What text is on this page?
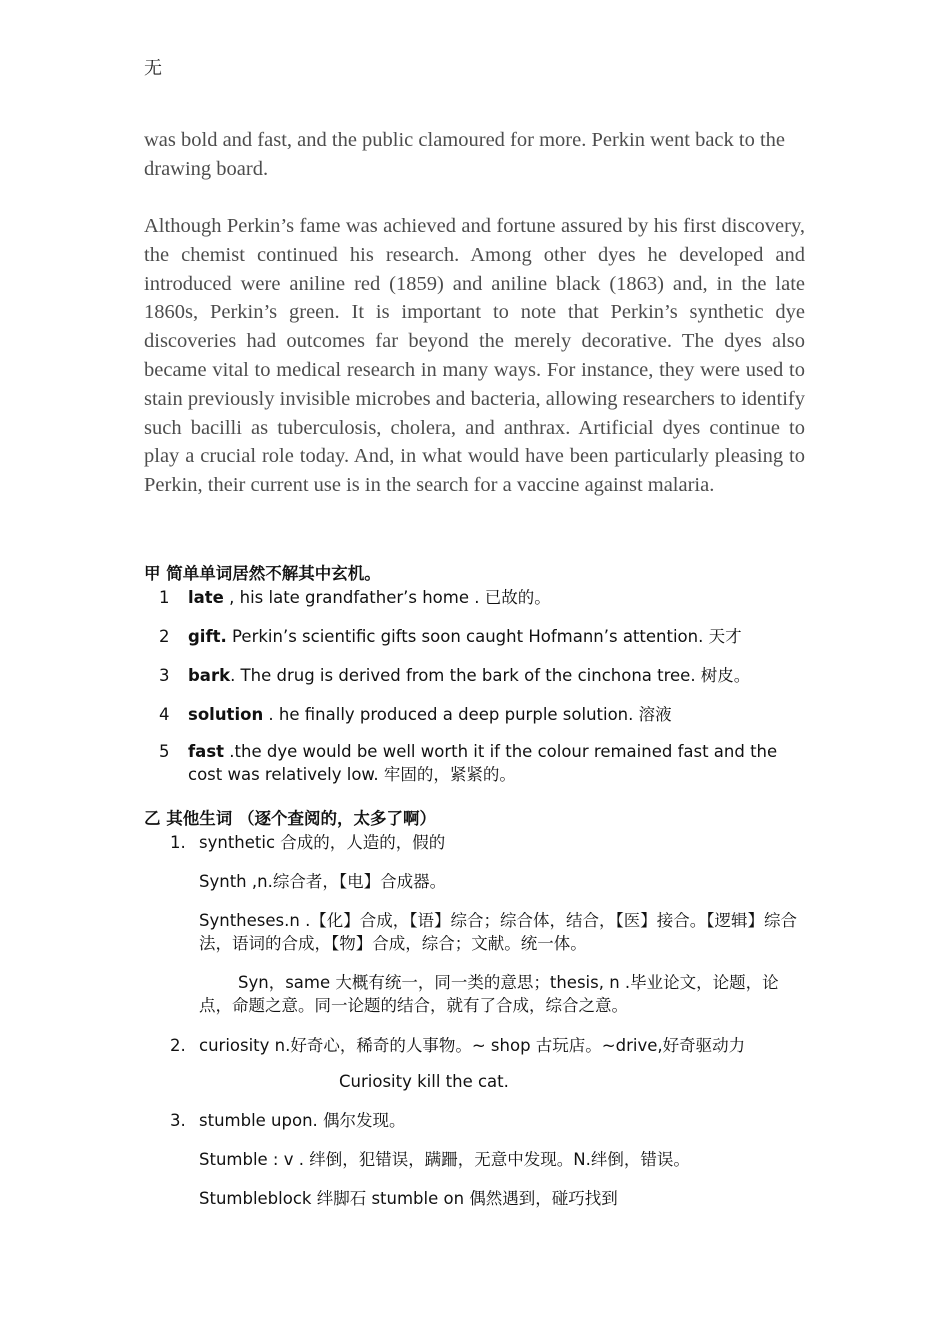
无

was bold and fast, and the public clamoured for more. Perkin went back to the drawing board.

Although Perkin’s fame was achieved and fortune assured by his first discovery, the chemist continued his research. Among other dyes he developed and introduced were aniline red (1859) and aniline black (1863) and, in the late 1860s, Perkin’s green. It is important to note that Perkin’s synthetic dye discoveries had outcomes far beyond the merely decorative. The dyes also became vital to medical research in many ways. For instance, they were used to stain previously invisible microbes and bacteria, allowing researchers to identify such bacilli as tuberculosis, cholera, and anthrax. Artificial dyes continue to play a crucial role today. And, in what would have been particularly pleasing to Perkin, their current use is in the search for a vaccine against malaria.

甲 简单单词居然不解其中玄机。
1 late , his late grandfather’s home . 已故的。
2 gift. Perkin’s scientific gifts soon caught Hofmann’s attention. 天才
3 bark. The drug is derived from the bark of the cinchona tree. 树皮。
4 solution . he finally produced a deep purple solution. 溶液
5 fast .the dye would be well worth it if the colour remained fast and the cost was relatively low. 牢固的，紧紧的。
乙 其他生词 （逐个查阅的，太多了啊）
1. synthetic 合成的，人造的，假的
Synth ,n.综合者，【电】合成器。
Syntheses.n .【化】合成，【语】综合；综合体，结合，【医】接合。【逻辑】综合法，语词的合成，【物】合成，综合；文献。统一体。
Syn，same 大概有统一，同一类的意思；thesis, n .毕业论文，论题，论点，命题之意。同一论题的结合，就有了合成，综合之意。
2. curiosity n.好奇心，稀奇的人事物。~ shop 古玩店。~drive,好奇驱动力
Curiosity kill the cat.
3. stumble upon. 偶尔发现。
Stumble : v . 绊倒，犯错误，蹒跚，无意中发现。N.绊倒，错误。
Stumbleblock 绊脚石 stumble on 偶然遇到，碰巧找到
